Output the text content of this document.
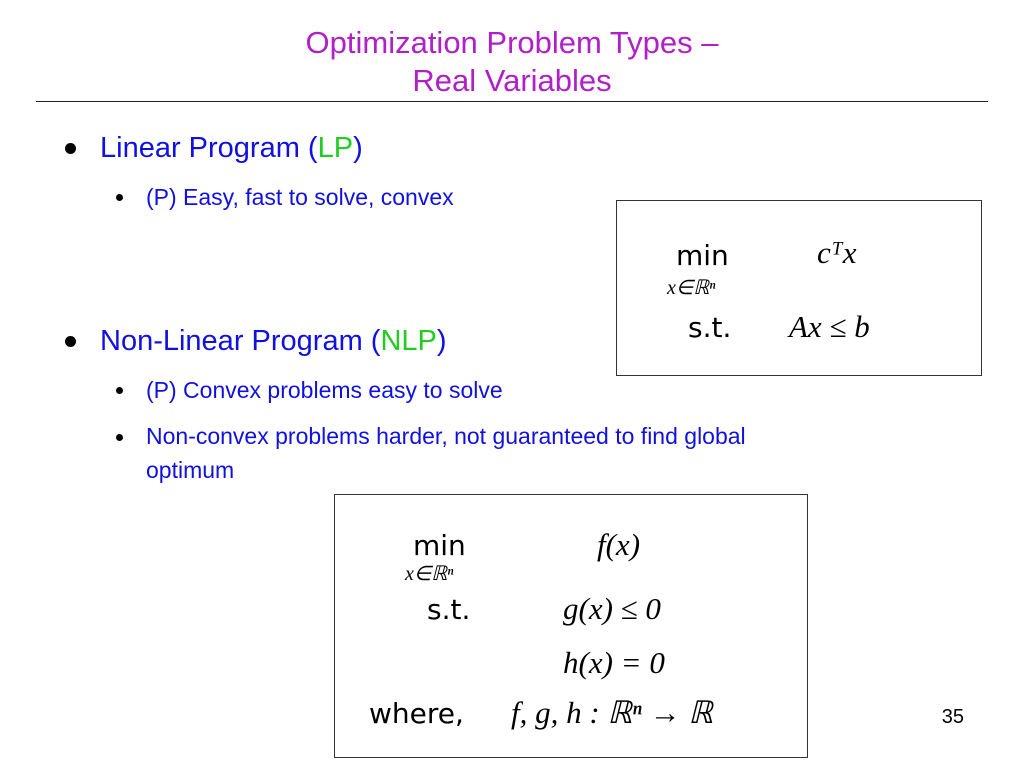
Optimization Problem Types –
Real Variables
Linear Program (LP)
(P) Easy, fast to solve, convex
min
x∈ℝⁿ
cᵀx
s.t. Ax ≤ b
Non-Linear Program (NLP)
(P) Convex problems easy to solve
Non-convex problems harder, not guaranteed to find global
optimum
min
x∈ℝⁿ
f(x)
s.t.	g(x) ≤ 0
h(x) = 0
where, f, g, h : ℝⁿ → ℝ	35
